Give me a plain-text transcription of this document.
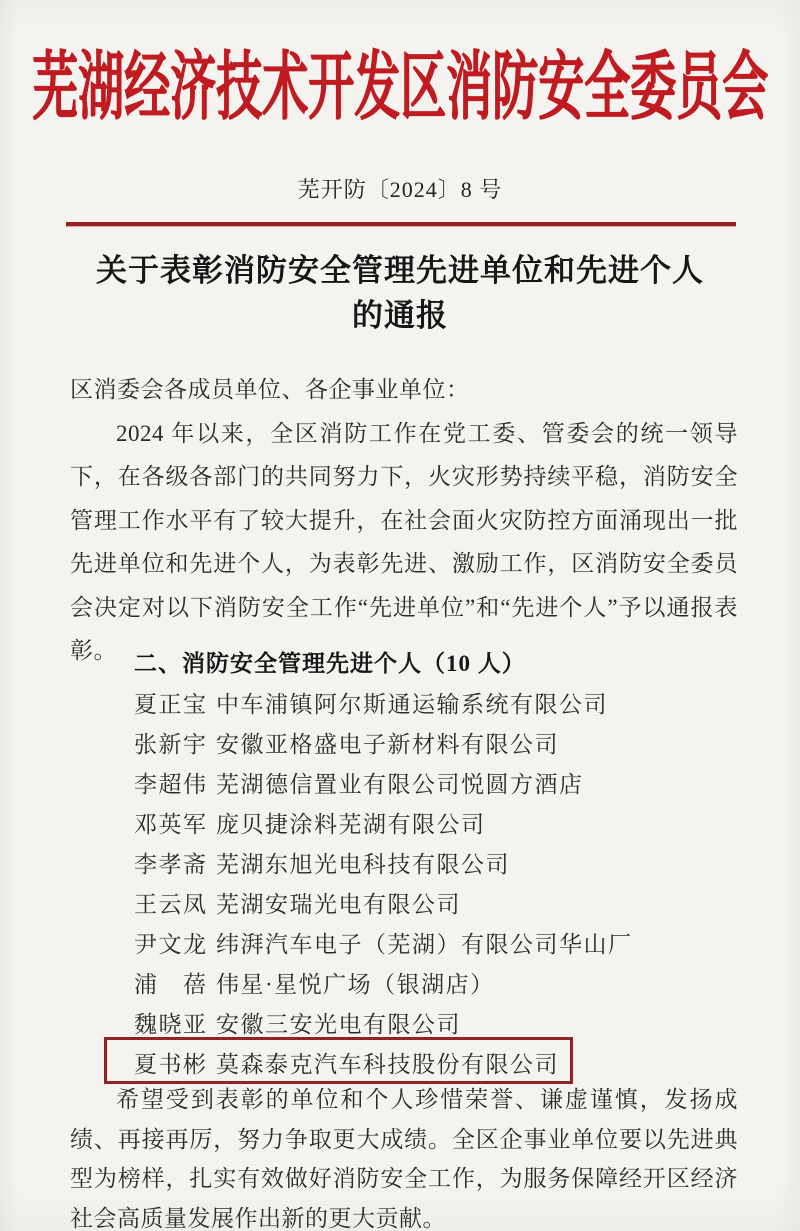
芜湖经济技术开发区消防安全委员会
芜开防〔2024〕8 号
关于表彰消防安全管理先进单位和先进个人
的通报
区消委会各成员单位、各企事业单位：

2024 年以来，全区消防工作在党工委、管委会的统一领导下，在各级各部门的共同努力下，火灾形势持续平稳，消防安全管理工作水平有了较大提升，在社会面火灾防控方面涌现出一批先进单位和先进个人，为表彰先进、激励工作，区消防安全委员会决定对以下消防安全工作“先进单位”和“先进个人”予以通报表彰。

二、消防安全管理先进个人（10 人）
夏正宝 中车浦镇阿尔斯通运输系统有限公司
张新宇 安徽亚格盛电子新材料有限公司
李超伟 芜湖德信置业有限公司悦圆方酒店
邓英军 庞贝捷涂料芜湖有限公司
李孝斋 芜湖东旭光电科技有限公司
王云凤 芜湖安瑞光电有限公司
尹文龙 纬湃汽车电子（芜湖）有限公司华山厂
浦蓓 伟星·星悦广场（银湖店）
魏晓亚 安徽三安光电有限公司
夏书彬 莫森泰克汽车科技股份有限公司

希望受到表彰的单位和个人珍惜荣誉、谦虚谨慎，发扬成绩、再接再厉，努力争取更大成绩。全区企事业单位要以先进典型为榜样，扎实有效做好消防安全工作，为服务保障经开区经济社会高质量发展作出新的更大贡献。
